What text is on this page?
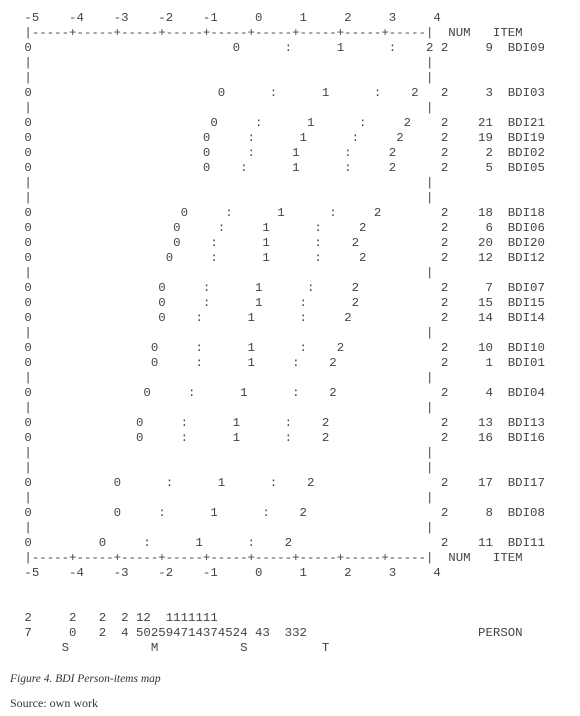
-5    -4    -3    -2    -1     0     1     2     3     4

|-----+-----+-----+-----+-----+-----+-----+-----+-----|  NUM   ITEM

0                           0      :      1      :    2 2     9  BDI09

|                                                     |

|                                                     |

0                         0      :      1      :    2   2     3  BDI03

|                                                     |

0                        0     :      1      :     2    2    21  BDI21

0                       0     :      1      :     2     2    19  BDI19

0                       0     :     1      :     2      2     2  BDI02

0                       0    :      1      :     2      2     5  BDI05

|                                                     |

|                                                     |

0                    0     :      1      :     2        2    18  BDI18

0                   0     :     1      :     2          2     6  BDI06

0                   0    :      1      :    2           2    20  BDI20

0                  0     :      1      :     2          2    12  BDI12

|                                                     |

0                 0     :      1      :     2           2     7  BDI07

0                 0     :      1     :      2           2    15  BDI15

0                 0    :      1      :     2            2    14  BDI14

|                                                     |

0                0     :      1      :    2             2    10  BDI10

0                0     :      1     :    2              2     1  BDI01

|                                                     |

0               0     :      1      :    2              2     4  BDI04

|                                                     |

0              0     :      1      :    2               2    13  BDI13

0              0     :      1      :    2               2    16  BDI16

|                                                     |

|                                                     |

0           0      :      1      :    2                 2    17  BDI17

|                                                     |

0           0     :      1      :    2                  2     8  BDI08

|                                                     |

0         0     :      1      :    2                    2    11  BDI11

|-----+-----+-----+-----+-----+-----+-----+-----+-----|  NUM   ITEM

-5    -4    -3    -2    -1     0     1     2     3     4

2     2   2  2 12  1111111

7     0   2  4 502594714374524 43  332                       PERSON

S           M           S          T

Figure 4. BDI Person-items map
Source: own work
